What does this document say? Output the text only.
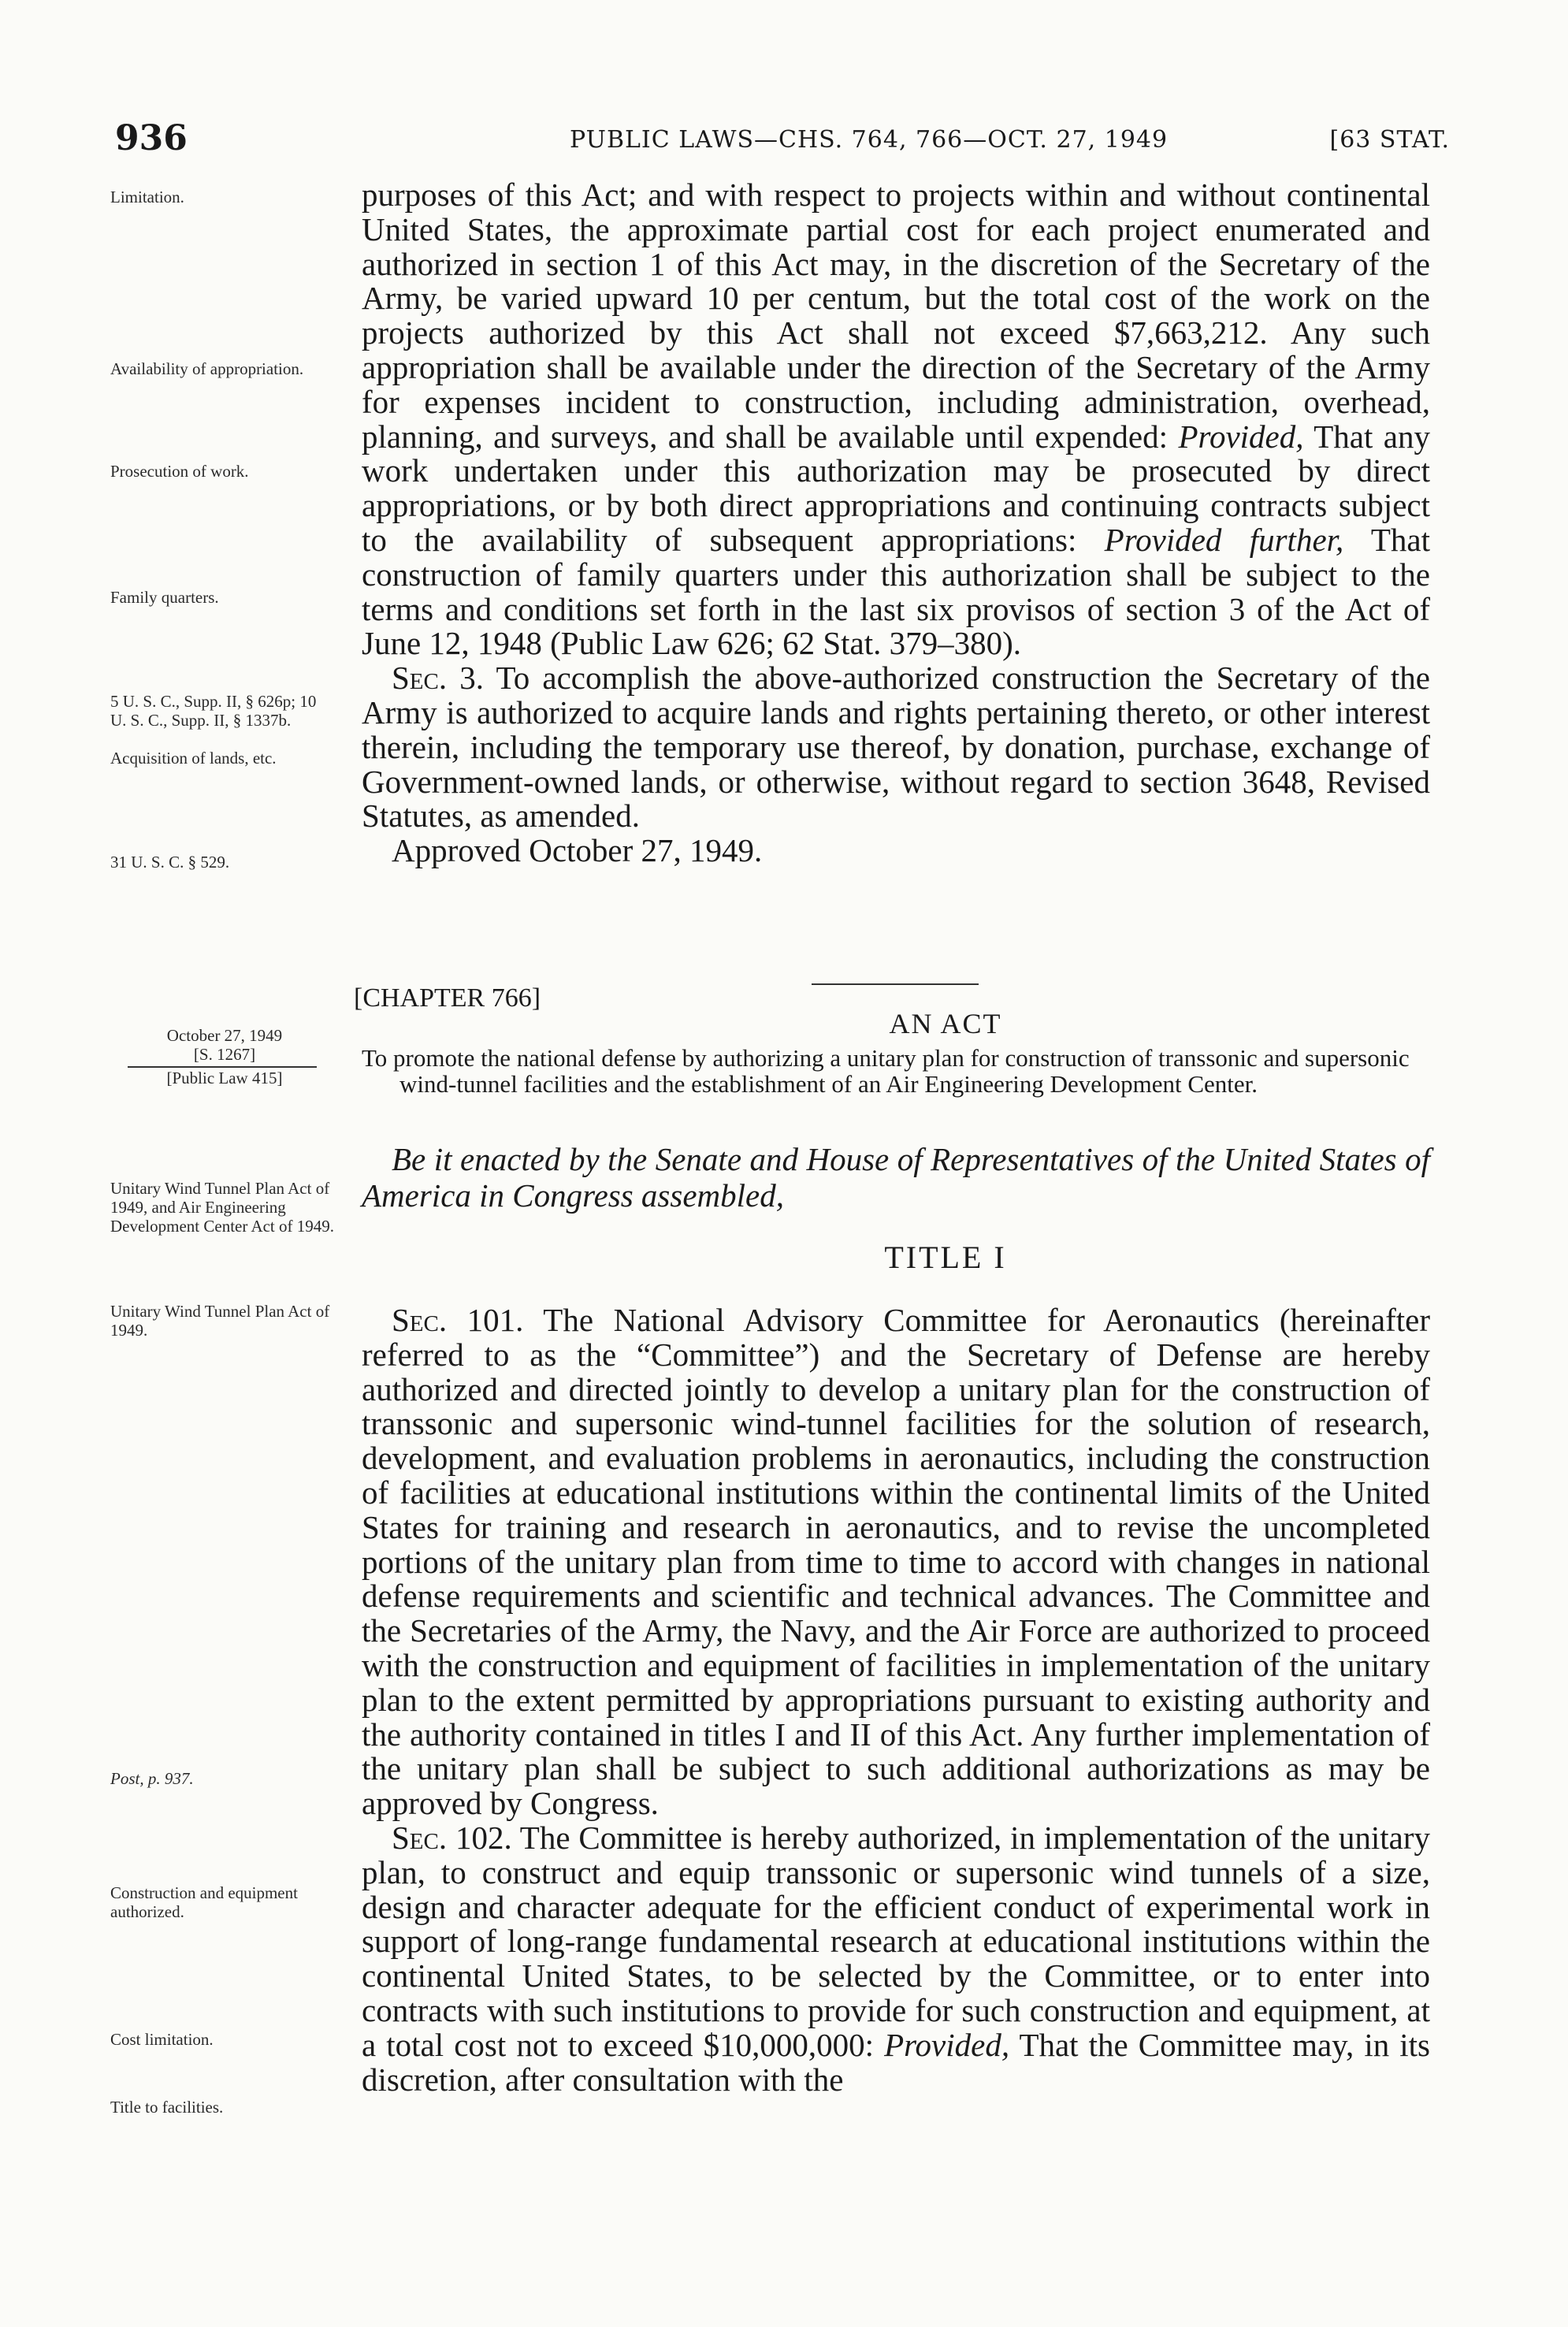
936	PUBLIC LAWS—CHS. 764, 766—OCT. 27, 1949	[63 STAT.
Limitation.
Availability of appropriation.
Prosecution of work.
Family quarters.
5 U. S. C., Supp. II, § 626p; 10 U. S. C., Supp. II, § 1337b.
Acquisition of lands, etc.
31 U. S. C. § 529.
October 27, 1949
[S. 1267]
[Public Law 415]
Unitary Wind Tunnel Plan Act of 1949, and Air Engineering Development Center Act of 1949.
Unitary Wind Tunnel Plan Act of 1949.
Post, p. 937.
Construction and equipment authorized.
Cost limitation.
Title to facilities.

purposes of this Act; and with respect to projects within and without continental United States, the approximate partial cost for each project enumerated and authorized in section 1 of this Act may, in the discretion of the Secretary of the Army, be varied upward 10 per centum, but the total cost of the work on the projects authorized by this Act shall not exceed $7,663,212. Any such appropriation shall be available under the direction of the Secretary of the Army for expenses incident to construction, including administration, overhead, planning, and surveys, and shall be available until expended: Provided, That any work undertaken under this authorization may be prosecuted by direct appropriations, or by both direct appropriations and continuing contracts subject to the availability of subsequent appropriations: Provided further, That construction of family quarters under this authorization shall be subject to the terms and conditions set forth in the last six provisos of section 3 of the Act of June 12, 1948 (Public Law 626; 62 Stat. 379–380).

Sec. 3. To accomplish the above-authorized construction the Secretary of the Army is authorized to acquire lands and rights pertaining thereto, or other interest therein, including the temporary use thereof, by donation, purchase, exchange of Government-owned lands, or otherwise, without regard to section 3648, Revised Statutes, as amended.

Approved October 27, 1949.

[CHAPTER 766]
AN ACT
To promote the national defense by authorizing a unitary plan for construction of transsonic and supersonic wind-tunnel facilities and the establishment of an Air Engineering Development Center.
Be it enacted by the Senate and House of Representatives of the United States of America in Congress assembled,
TITLE I

Sec. 101. The National Advisory Committee for Aeronautics (hereinafter referred to as the “Committee”) and the Secretary of Defense are hereby authorized and directed jointly to develop a unitary plan for the construction of transsonic and supersonic wind-tunnel facilities for the solution of research, development, and evaluation problems in aeronautics, including the construction of facilities at educational institutions within the continental limits of the United States for training and research in aeronautics, and to revise the uncompleted portions of the unitary plan from time to time to accord with changes in national defense requirements and scientific and technical advances. The Committee and the Secretaries of the Army, the Navy, and the Air Force are authorized to proceed with the construction and equipment of facilities in implementation of the unitary plan to the extent permitted by appropriations pursuant to existing authority and the authority contained in titles I and II of this Act. Any further implementation of the unitary plan shall be subject to such additional authorizations as may be approved by Congress.

Sec. 102. The Committee is hereby authorized, in implementation of the unitary plan, to construct and equip transsonic or supersonic wind tunnels of a size, design and character adequate for the efficient conduct of experimental work in support of long-range fundamental research at educational institutions within the continental United States, to be selected by the Committee, or to enter into contracts with such institutions to provide for such construction and equipment, at a total cost not to exceed $10,000,000: Provided, That the Committee may, in its discretion, after consultation with the
